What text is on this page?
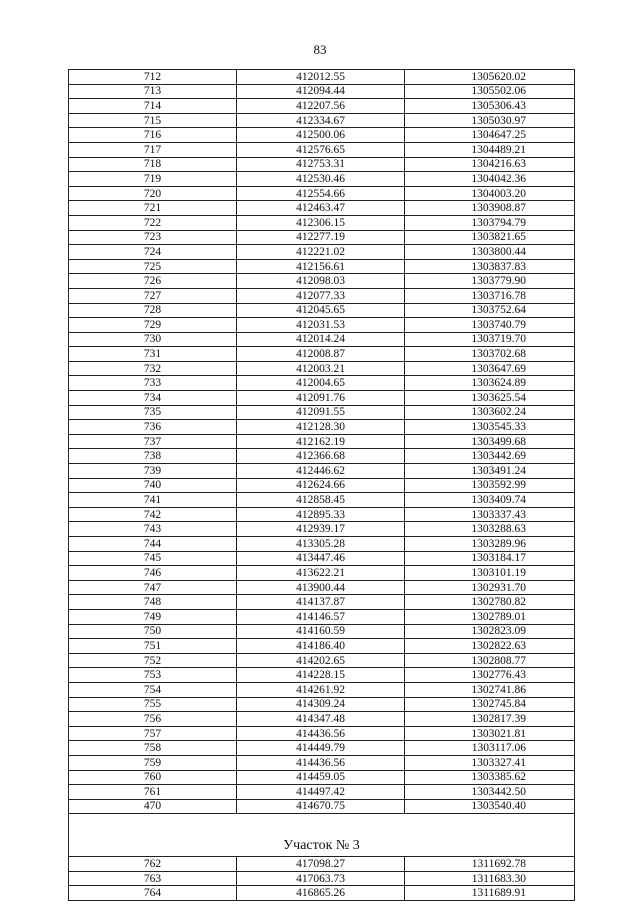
83
712	412012.55	1305620.02
713	412094.44	1305502.06
714	412207.56	1305306.43
715	412334.67	1305030.97
716	412500.06	1304647.25
717	412576.65	1304489.21
718	412753.31	1304216.63
719	412530.46	1304042.36
720	412554.66	1304003.20
721	412463.47	1303908.87
722	412306.15	1303794.79
723	412277.19	1303821.65
724	412221.02	1303800.44
725	412156.61	1303837.83
726	412098.03	1303779.90
727	412077.33	1303716.78
728	412045.65	1303752.64
729	412031.53	1303740.79
730	412014.24	1303719.70
731	412008.87	1303702.68
732	412003.21	1303647.69
733	412004.65	1303624.89
734	412091.76	1303625.54
735	412091.55	1303602.24
736	412128.30	1303545.33
737	412162.19	1303499.68
738	412366.68	1303442.69
739	412446.62	1303491.24
740	412624.66	1303592.99
741	412858.45	1303409.74
742	412895.33	1303337.43
743	412939.17	1303288.63
744	413305.28	1303289.96
745	413447.46	1303184.17
746	413622.21	1303101.19
747	413900.44	1302931.70
748	414137.87	1302780.82
749	414146.57	1302789.01
750	414160.59	1302823.09
751	414186.40	1302822.63
752	414202.65	1302808.77
753	414228.15	1302776.43
754	414261.92	1302741.86
755	414309.24	1302745.84
756	414347.48	1302817.39
757	414436.56	1303021.81
758	414449.79	1303117.06
759	414436.56	1303327.41
760	414459.05	1303385.62
761	414497.42	1303442.50
470	414670.75	1303540.40
Участок № 3		
762	417098.27	1311692.78
763	417063.73	1311683.30
764	416865.26	1311689.91
